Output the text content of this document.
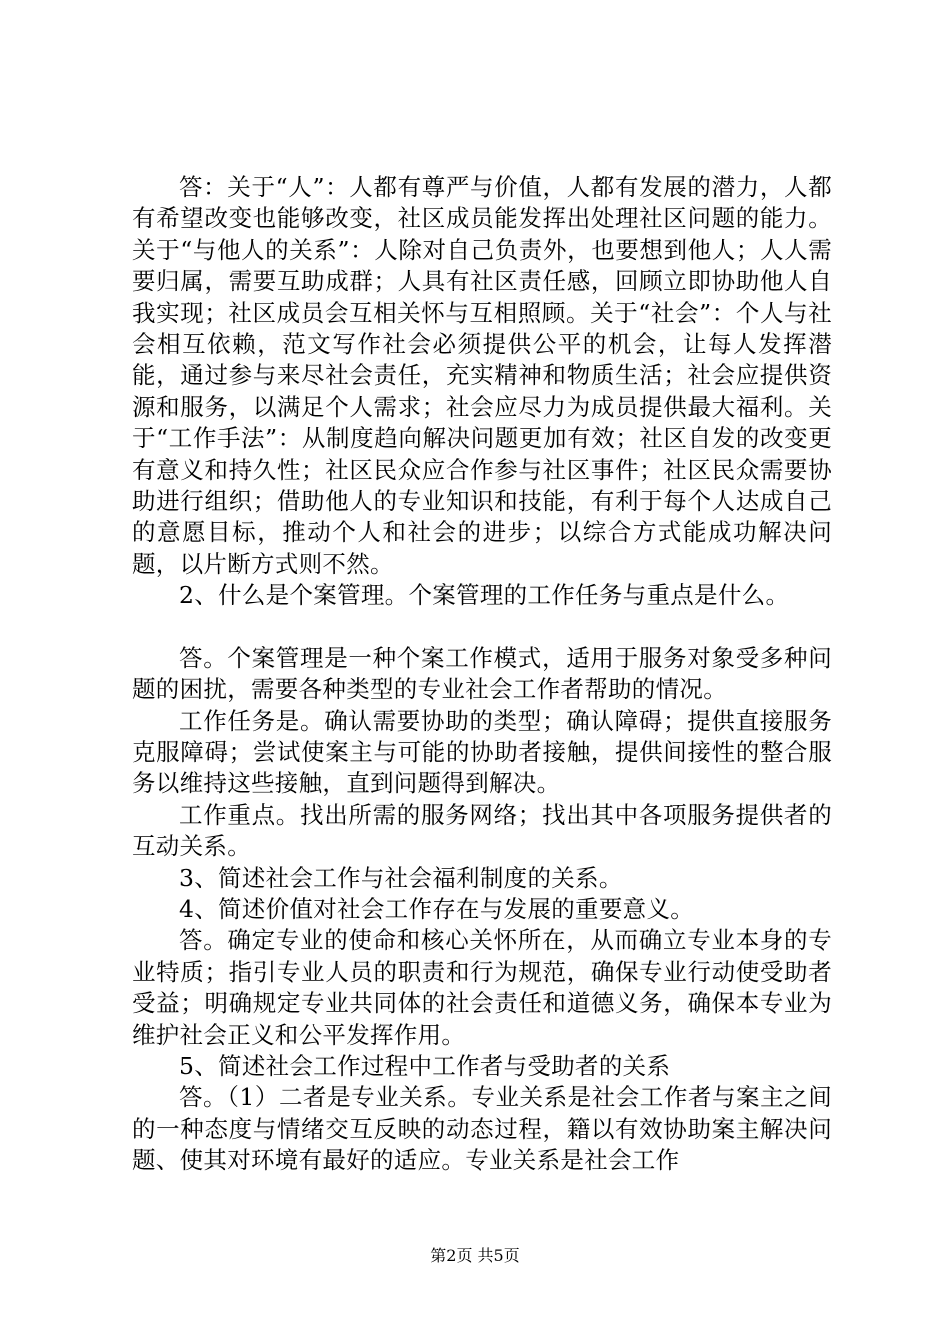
答：关于“人”：人都有尊严与价值，人都有发展的潜力，人都有希望改变也能够改变，社区成员能发挥出处理社区问题的能力。关于“与他人的关系”：人除对自己负责外，也要想到他人；人人需要归属，需要互助成群；人具有社区责任感，回顾立即协助他人自我实现；社区成员会互相关怀与互相照顾。关于“社会”：个人与社会相互依赖，范文写作社会必须提供公平的机会，让每人发挥潜能，通过参与来尽社会责任，充实精神和物质生活；社会应提供资源和服务，以满足个人需求；社会应尽力为成员提供最大福利。关于“工作手法”：从制度趋向解决问题更加有效；社区自发的改变更有意义和持久性；社区民众应合作参与社区事件；社区民众需要协助进行组织；借助他人的专业知识和技能，有利于每个人达成自己的意愿目标，推动个人和社会的进步；以综合方式能成功解决问题，以片断方式则不然。

2、什么是个案管理。个案管理的工作任务与重点是什么。

答。个案管理是一种个案工作模式，适用于服务对象受多种问题的困扰，需要各种类型的专业社会工作者帮助的情况。

工作任务是。确认需要协助的类型；确认障碍；提供直接服务克服障碍；尝试使案主与可能的协助者接触，提供间接性的整合服务以维持这些接触，直到问题得到解决。

工作重点。找出所需的服务网络；找出其中各项服务提供者的互动关系。

3、简述社会工作与社会福利制度的关系。

4、简述价值对社会工作存在与发展的重要意义。

答。确定专业的使命和核心关怀所在，从而确立专业本身的专业特质；指引专业人员的职责和行为规范，确保专业行动使受助者受益；明确规定专业共同体的社会责任和道德义务，确保本专业为维护社会正义和公平发挥作用。

5、简述社会工作过程中工作者与受助者的关系

答。（1）二者是专业关系。专业关系是社会工作者与案主之间的一种态度与情绪交互反映的动态过程，籍以有效协助案主解决问题、使其对环境有最好的适应。专业关系是社会工作

第2页 共5页
